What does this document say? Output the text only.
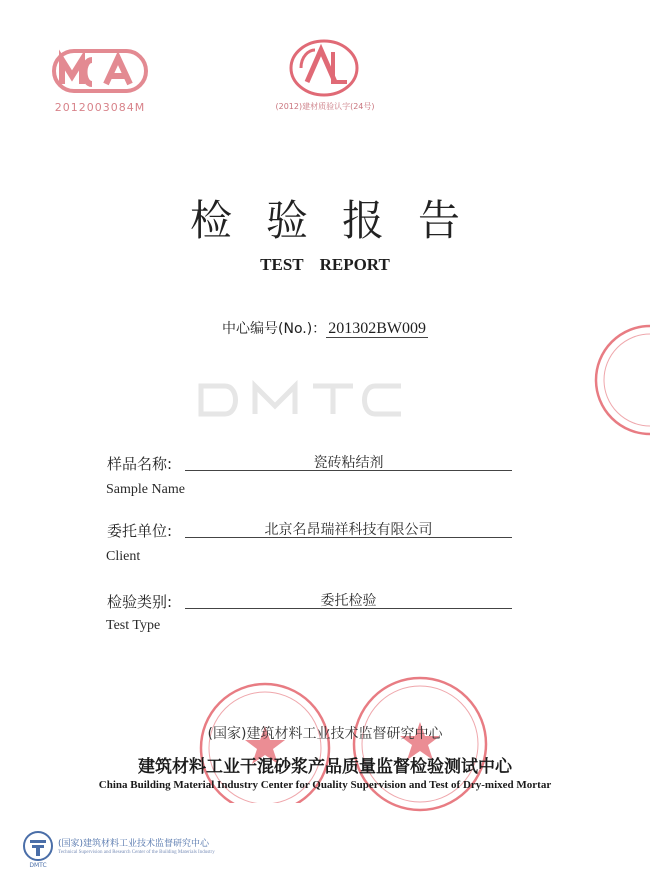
2012003084M	(2012)建材质验认字(24号)
检验报告
TEST REPORT
中心编号(No.)： 201302BW009
样品名称:	瓷砖粘结剂
Sample Name
委托单位:	北京名昂瑞祥科技有限公司
Client
检验类别:	委托检验
Test Type
(国家)建筑材料工业技术监督研究中心
建筑材料工业干混砂浆产品质量监督检验测试中心
China Building Material Industry Center for Quality Supervision and Test of Dry-mixed Mortar
DMTC
(国家)建筑材料工业技术监督研究中心
Technical Supervision and Research Center of the Building Materials Industry
